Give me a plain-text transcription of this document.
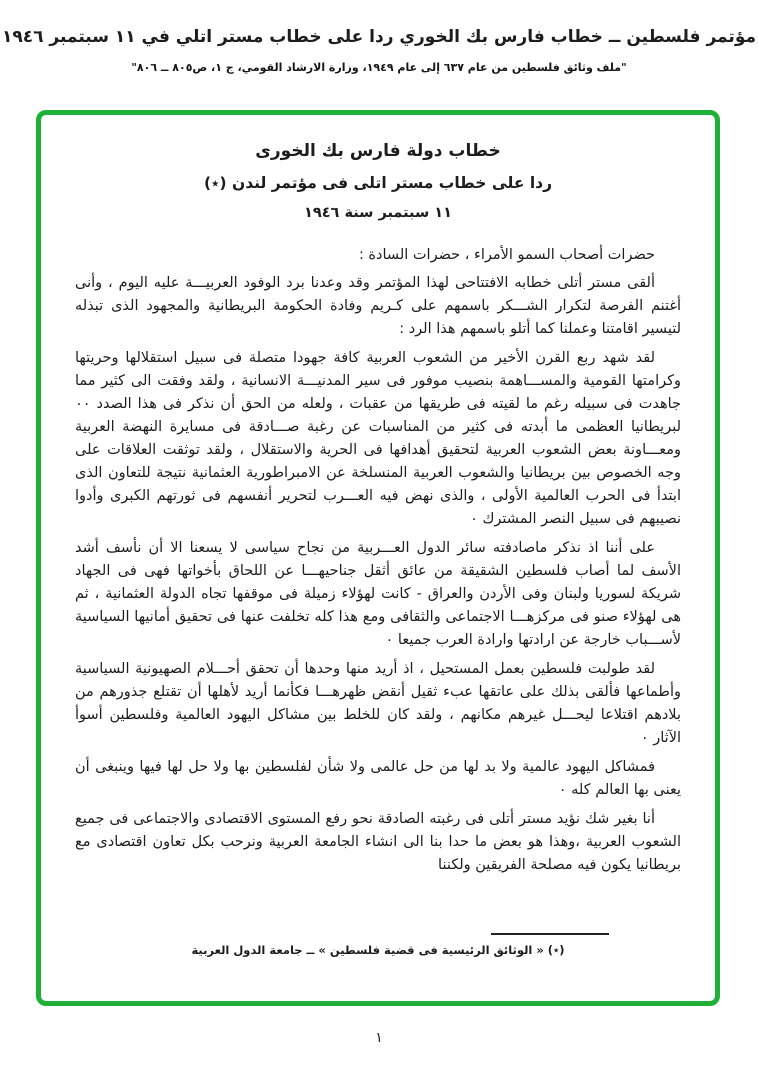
مؤتمر فلسطين ــ خطاب فارس بك الخوري ردا على خطاب مستر اتلي في ١١ سبتمبر ١٩٤٦
"ملف وثائق فلسطين من عام ٦٣٧ إلى عام ١٩٤٩، وزارة الارشاد القومي، ج ١، ص٨٠٥ ــ ٨٠٦"
خطاب دولة فارس بك الخورى
ردا على خطاب مستر اتلى فى مؤتمر لندن (٭)
١١ سبتمبر سنة ١٩٤٦

حضرات أصحاب السمو الأمراء ، حضرات السادة :

ألقى مستر أتلى خطابه الافتتاحى لهذا المؤتمر وقد وعدنا برد الوفود العربيـــة عليه اليوم ، وأنى أغتنم الفرصة لتكرار الشـــكر باسمهم على كـريم وفادة الحكومة البريطانية والمجهود الذى تبذله لتيسير اقامتنا وعملنا كما أتلو باسمهم هذا الرد :

لقد شهد ربع القرن الأخير من الشعوب العربية كافة جهودا متصلة فى سبيل استقلالها وحريتها وكرامتها القومية والمســـاهمة بنصيب موفور فى سير المدنيـــة الانسانية ، ولقد وفقت الى كثير مما جاهدت فى سبيله رغم ما لقيته فى طريقها من عقبات ، ولعله من الحق أن نذكر فى هذا الصدد ٠٠ لبريطانيا العظمى ما أبدته فى كثير من المناسبات عن رغبة صـــادقة فى مسايرة النهضة العربية ومعـــاونة بعض الشعوب العربية لتحقيق أهدافها فى الحرية والاستقلال ، ولقد توثقت العلاقات على وجه الخصوص بين بريطانيا والشعوب العربية المنسلخة عن الامبراطورية العثمانية نتيجة للتعاون الذى ابتدأ فى الحرب العالمية الأولى ، والذى نهض فيه العـــرب لتحرير أنفسهم فى ثورتهم الكبرى وأدوا نصيبهم فى سبيل النصر المشترك ٠

على أننا اذ نذكر ماصادفته سائر الدول العـــربية من نجاح سياسى لا يسعنا الا أن نأسف أشد الأسف لما أصاب فلسطين الشقيقة من عائق أثقل جناحيهـــا عن اللحاق بأخواتها فهى فى الجهاد شريكة لسوريا ولبنان وفى الأردن والعراق - كانت لهؤلاء زميلة فى موقفها تجاه الدولة العثمانية ، ثم هى لهؤلاء صنو فى مركزهـــا الاجتماعى والثقافى ومع هذا كله تخلفت عنها فى تحقيق أمانيها السياسية لأســـباب خارجة عن ارادتها وارادة العرب جميعا ٠

لقد طولبت فلسطين بعمل المستحيل ، اذ أريد منها وحدها أن تحقق أحـــلام الصهيونية السياسية وأطماعها فألقى بذلك على عاتقها عبء ثقيل أنقض ظهرهـــا فكأنما أريد لأهلها أن تقتلع جذورهم من بلادهم اقتلاعا ليحـــل غيرهم مكانهم ، ولقد كان للخلط بين مشاكل اليهود العالمية وفلسطين أسوأ الآثار ٠

فمشاكل اليهود عالمية ولا بد لها من حل عالمى ولا شأن لفلسطين بها ولا حل لها فيها وينبغى أن يعنى بها العالم كله ٠

أنا بغير شك نؤيد مستر أتلى فى رغبته الصادقة نحو رفع المستوى الاقتصادى والاجتماعى فى جميع الشعوب العربية ،وهذا هو بعض ما حدا بنا الى انشاء الجامعة العربية ونرحب بكل تعاون اقتصادى مع بريطانيا يكون فيه مصلحة الفريقين ولكننا

(٭) « الوثائق الرئيسية فى قضية فلسطين » ــ جامعة الدول العربية

١
